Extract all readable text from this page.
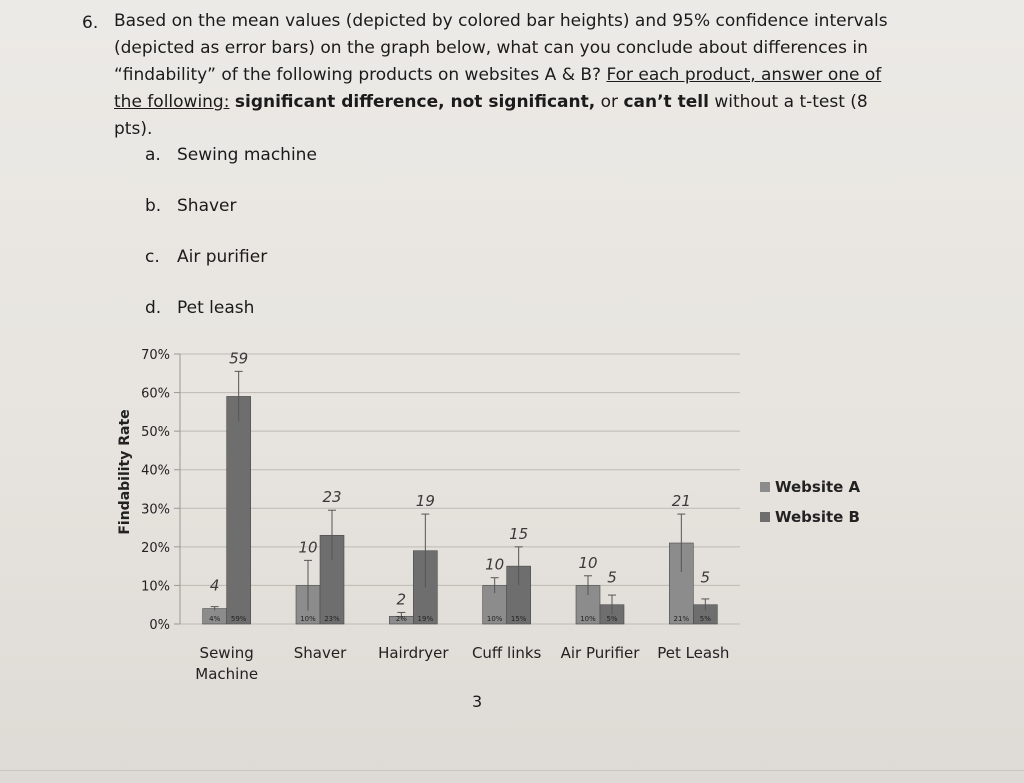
6. Based on the mean values (depicted by colored bar heights) and 95% confidence intervals (depicted as error bars) on the graph below, what can you conclude about differences in “findability” of the following products on websites A & B? For each product, answer one of the following: significant difference, not significant, or can’t tell without a t-test (8 pts).
a. Sewing machine
b. Shaver
c. Air purifier
d. Pet leash
0%
10%
20%
30%
40%
50%
60%
70%
Findability Rate
4%
4
59%
59
Sewing
Machine
10%
10
23%
23
Shaver
2%
2
19%
19
Hairdryer
10%
10
15%
15
Cuff links
10%
10
5%
5
Air Purifier
21%
21
5%
5
Pet Leash
Website A
Website B
3
